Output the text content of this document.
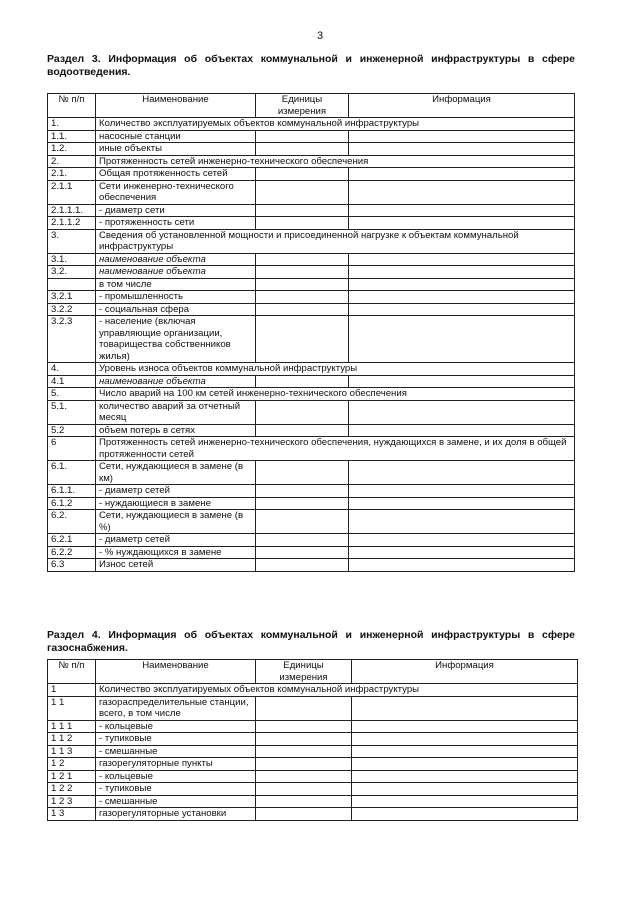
3
Раздел 3. Информация об объектах коммунальной и инженерной инфраструктуры в сфере водоотведения.
№ п/п	Наименование	Единицы измерения	Информация
1.	Количество эксплуатируемых объектов коммунальной инфраструктуры		
1.1.	насосные станции		
1.2.	иные объекты		
2.	Протяженность сетей инженерно-технического обеспечения		
2.1.	Общая протяженность сетей		
2.1.1	Сети инженерно-технического обеспечения		
2.1.1.1.	- диаметр сети		
2.1.1.2	- протяженность сети		
3.	Сведения об установленной мощности и присоединенной нагрузке к объектам коммунальной инфраструктуры		
3.1.	наименование объекта		
3.2.	наименование объекта		
	в том числе		
3.2.1	- промышленность		
3.2.2	- социальная сфера		
3.2.3	- население (включая управляющие организации, товарищества собственников жилья)		
4.	Уровень износа объектов коммунальной инфраструктуры		
4.1	наименование объекта		
5.	Число аварий на 100 км сетей инженерно-технического обеспечения		
5.1.	количество аварий за отчетный месяц		
5.2	объем потерь в сетях		
6	Протяженность сетей инженерно-технического обеспечения, нуждающихся в замене, и их доля в общей протяженности сетей		
6.1.	Сети, нуждающиеся в замене (в км)		
6.1.1.	- диаметр сетей		
6.1.2	- нуждающиеся в замене		
6.2.	Сети, нуждающиеся в замене (в %)		
6.2.1	- диаметр сетей		
6.2.2	- % нуждающихся в замене		
6.3	Износ сетей		
Раздел 4. Информация об объектах коммунальной и инженерной инфраструктуры в сфере газоснабжения.
№ п/п	Наименование	Единицы измерения	Информация
1	Количество эксплуатируемых объектов коммунальной инфраструктуры		
1 1	газораспределительные станции, всего, в том числе		
1 1 1	- кольцевые		
1 1 2	- тупиковые		
1 1 3	- смешанные		
1 2	газорегуляторные пункты		
1 2 1	- кольцевые		
1 2 2	- тупиковые		
1 2 3	- смешанные		
1 3	газорегуляторные установки		
